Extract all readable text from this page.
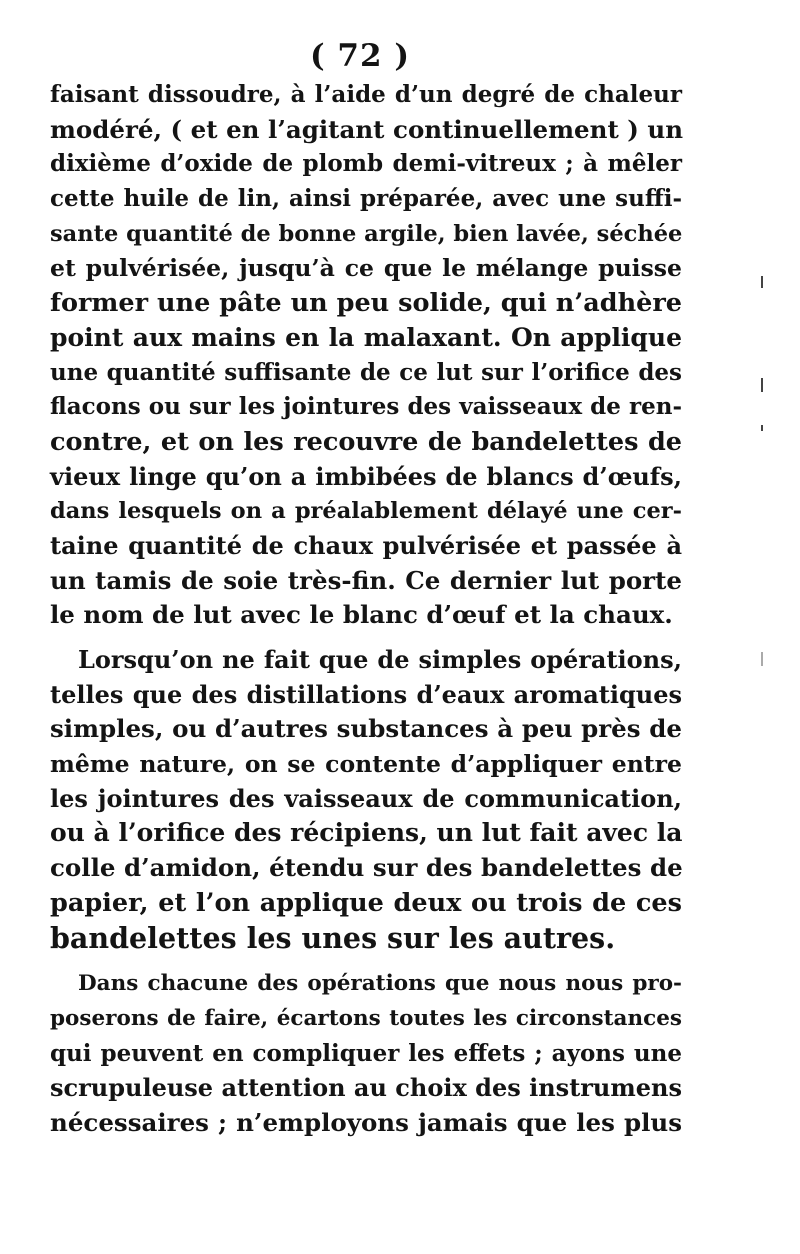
( 72 )
faisant dissoudre, à l’aide d’un degré de chaleur
modéré, ( et en l’agitant continuellement ) un
dixième d’oxide de plomb demi-vitreux ; à mêler
cette huile de lin, ainsi préparée, avec une suffi-
sante quantité de bonne argile, bien lavée, séchée
et pulvérisée, jusqu’à ce que le mélange puisse
former une pâte un peu solide, qui n’adhère
point aux mains en la malaxant. On applique
une quantité suffisante de ce lut sur l’orifice des
flacons ou sur les jointures des vaisseaux de ren-
contre, et on les recouvre de bandelettes de
vieux linge qu’on a imbibées de blancs d’œufs,
dans lesquels on a préalablement délayé une cer-
taine quantité de chaux pulvérisée et passée à
un tamis de soie très-fin. Ce dernier lut porte
le nom de lut avec le blanc d’œuf et la chaux.
Lorsqu’on ne fait que de simples opérations,
telles que des distillations d’eaux aromatiques
simples, ou d’autres substances à peu près de
même nature, on se contente d’appliquer entre
les jointures des vaisseaux de communication,
ou à l’orifice des récipiens, un lut fait avec la
colle d’amidon, étendu sur des bandelettes de
papier, et l’on applique deux ou trois de ces
bandelettes les unes sur les autres.
Dans chacune des opérations que nous nous pro-
poserons de faire, écartons toutes les circonstances
qui peuvent en compliquer les effets ; ayons une
scrupuleuse attention au choix des instrumens
nécessaires ; n’employons jamais que les plus
